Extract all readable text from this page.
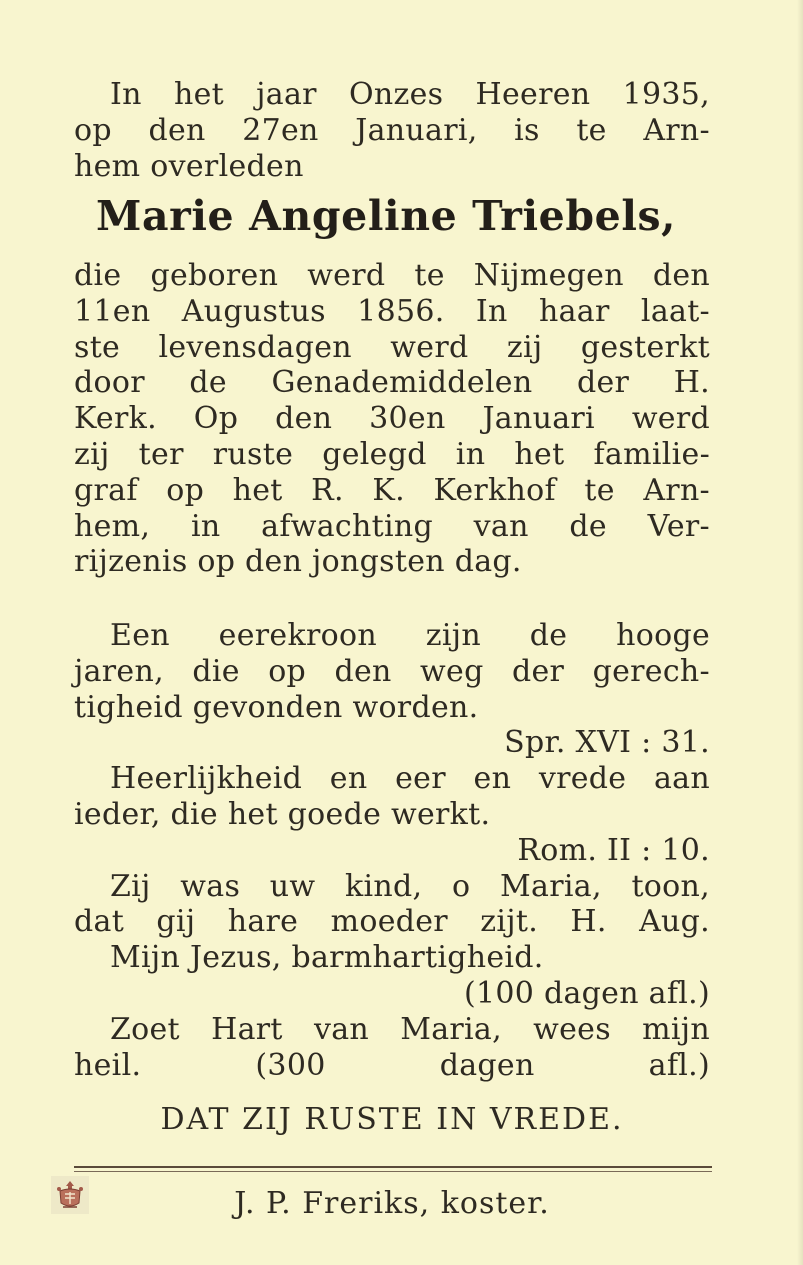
In het jaar Onzes Heeren 1935,
op den 27en Januari, is te Arn-
hem overleden
Marie Angeline Triebels,
die geboren werd te Nijmegen den
11en Augustus 1856. In haar laat-
ste levensdagen werd zij gesterkt
door de Genademiddelen der H.
Kerk. Op den 30en Januari werd
zij ter ruste gelegd in het familie-
graf op het R. K. Kerkhof te Arn-
hem, in afwachting van de Ver-
rijzenis op den jongsten dag.
Een eerekroon zijn de hooge
jaren, die op den weg der gerech-
tigheid gevonden worden.
Spr. XVI : 31.
Heerlijkheid en eer en vrede aan
ieder, die het goede werkt.
Rom. II : 10.
Zij was uw kind, o Maria, toon,
dat gij hare moeder zijt. H. Aug.
Mijn Jezus, barmhartigheid.
(100 dagen afl.)
Zoet Hart van Maria, wees mijn
heil.	(300 dagen afl.)
DAT ZIJ RUSTE IN VREDE.
J. P. Freriks, koster.
